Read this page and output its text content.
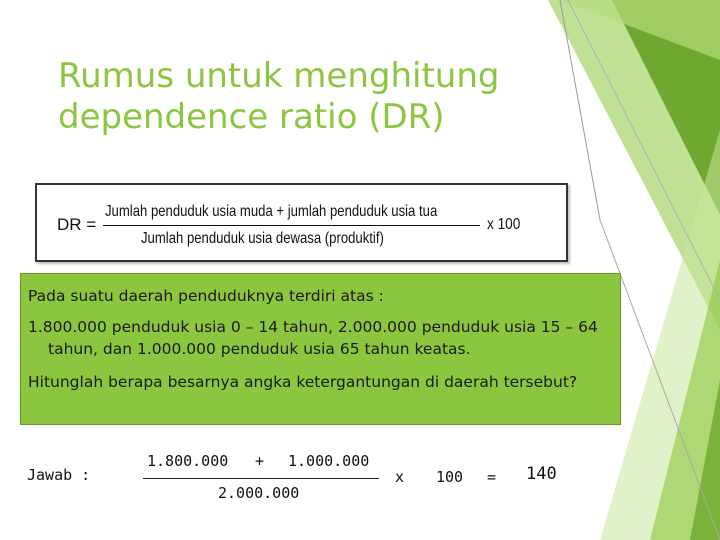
Rumus untuk menghitung
dependence ratio (DR)
DR =
Jumlah penduduk usia muda + jumlah penduduk usia tua
Jumlah penduduk usia dewasa (produktif)
x 100

Pada suatu daerah penduduknya terdiri atas :

1.800.000 penduduk usia 0 – 14 tahun, 2.000.000 penduduk usia 15 – 64 tahun, dan 1.000.000 penduduk usia 65 tahun keatas.

Hitunglah berapa besarnya angka ketergantungan di daerah tersebut?

Jawab :
1.800.000 + 1.000.000
2.000.000
x 100 = 140
